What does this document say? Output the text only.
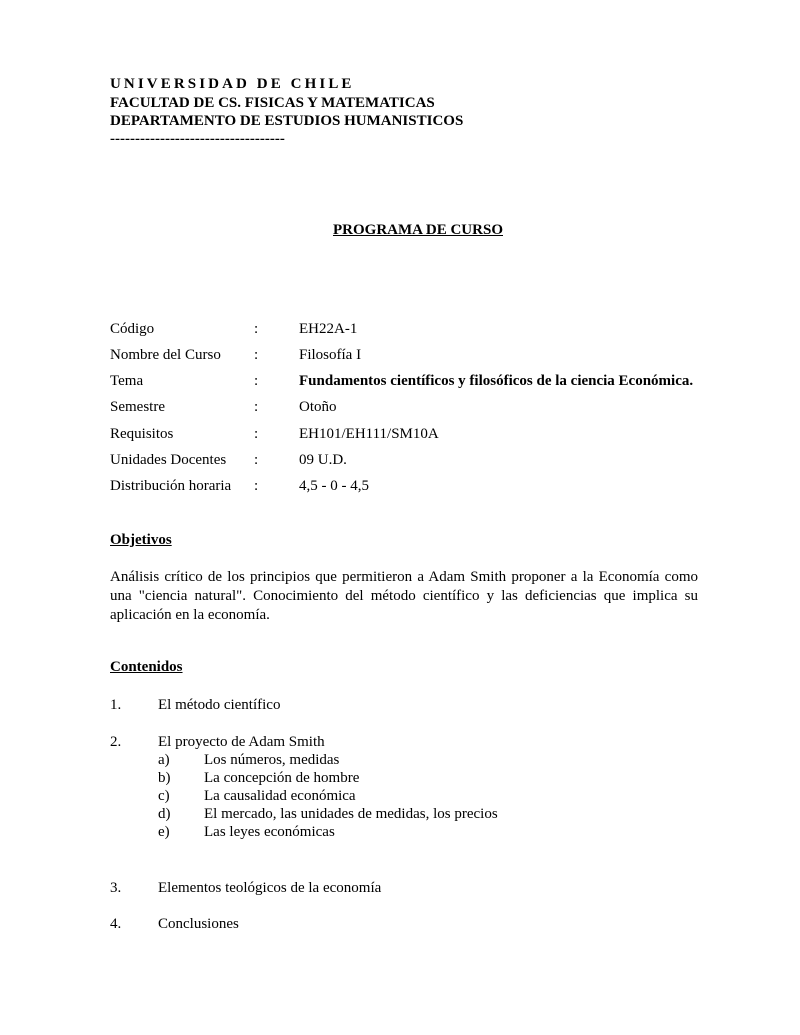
UNIVERSIDAD DE CHILE
FACULTAD DE CS. FISICAS Y MATEMATICAS
DEPARTAMENTO DE ESTUDIOS HUMANISTICOS
-----------------------------------
PROGRAMA DE CURSO
Código	:	EH22A-1
Nombre del Curso :	Filosofía I
Tema	:	Fundamentos científicos y filosóficos de la ciencia Económica.
Semestre	:	Otoño
Requisitos	:	EH101/EH111/SM10A
Unidades Docentes :	09 U.D.
Distribución horaria :	4,5 - 0 - 4,5
Objetivos
Análisis crítico de los principios que permitieron a Adam Smith proponer a la Economía como
una "ciencia natural". Conocimiento del método científico y las deficiencias que implica su
aplicación en la economía.
Contenidos
1. El método científico
2. El proyecto de Adam Smith
a) Los números, medidas
b) La concepción de hombre
c) La causalidad económica
d) El mercado, las unidades de medidas, los precios
e) Las leyes económicas
3. Elementos teológicos de la economía
4. Conclusiones
